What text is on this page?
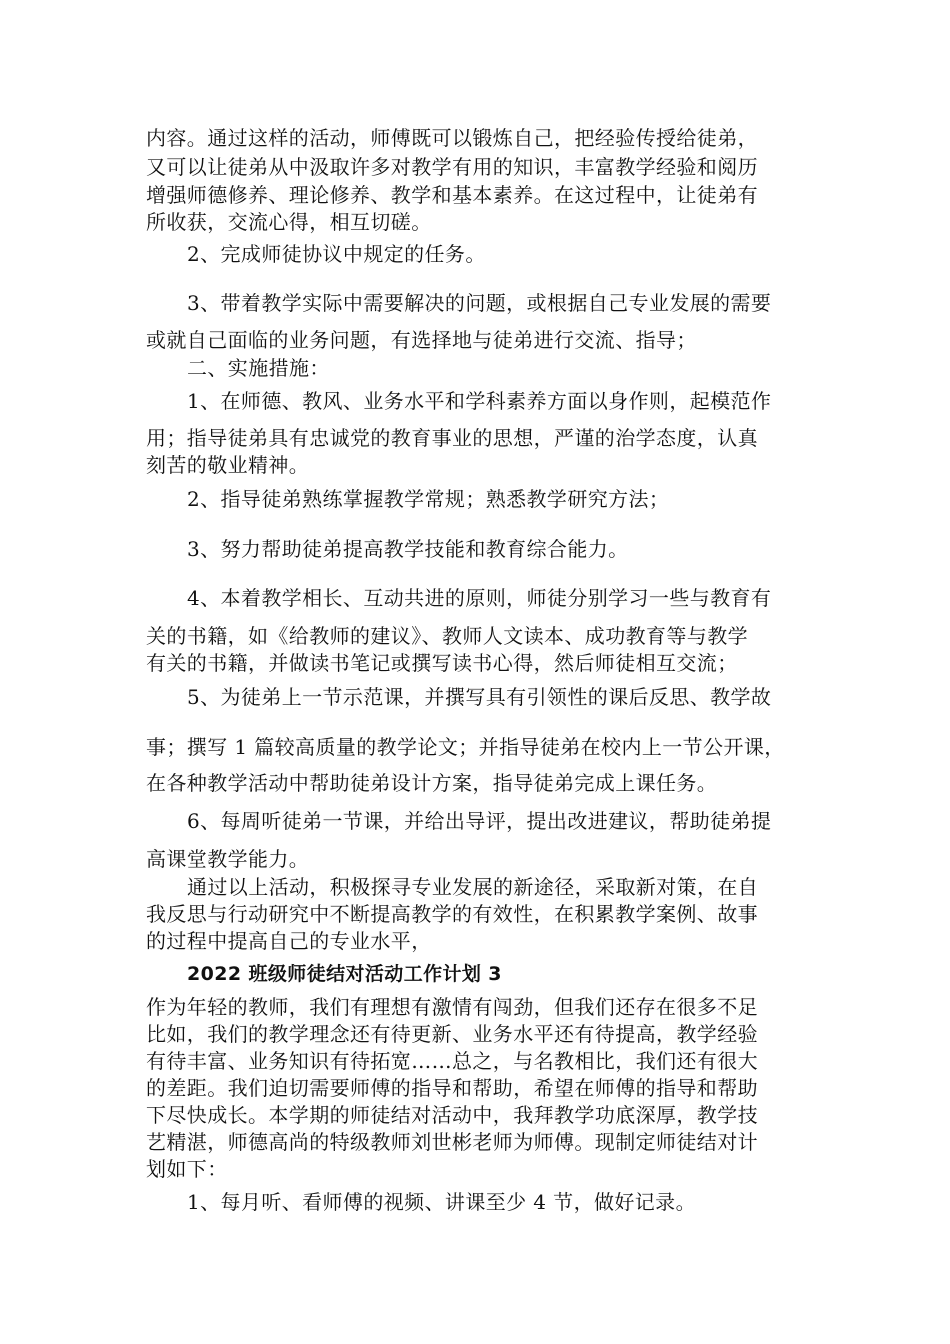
内容。通过这样的活动，师傅既可以锻炼自己，把经验传授给徒弟，
又可以让徒弟从中汲取许多对教学有用的知识，丰富教学经验和阅历
增强师德修养、理论修养、教学和基本素养。在这过程中，让徒弟有
所收获，交流心得，相互切磋。
2、完成师徒协议中规定的任务。
3、带着教学实际中需要解决的问题，或根据自己专业发展的需要
或就自己面临的业务问题，有选择地与徒弟进行交流、指导；
二、实施措施：
1、在师德、教风、业务水平和学科素养方面以身作则，起模范作
用；指导徒弟具有忠诚党的教育事业的思想，严谨的治学态度，认真
刻苦的敬业精神。
2、指导徒弟熟练掌握教学常规；熟悉教学研究方法；
3、努力帮助徒弟提高教学技能和教育综合能力。
4、本着教学相长、互动共进的原则，师徒分别学习一些与教育有
关的书籍，如《给教师的建议》、教师人文读本、成功教育等与教学
有关的书籍，并做读书笔记或撰写读书心得，然后师徒相互交流；
5、为徒弟上一节示范课，并撰写具有引领性的课后反思、教学故
事；撰写 1 篇较高质量的教学论文；并指导徒弟在校内上一节公开课，
在各种教学活动中帮助徒弟设计方案，指导徒弟完成上课任务。
6、每周听徒弟一节课，并给出导评，提出改进建议，帮助徒弟提
高课堂教学能力。
通过以上活动，积极探寻专业发展的新途径，采取新对策，在自
我反思与行动研究中不断提高教学的有效性，在积累教学案例、故事
的过程中提高自己的专业水平，
2022 班级师徒结对活动工作计划 3
作为年轻的教师，我们有理想有激情有闯劲，但我们还存在很多不足
比如，我们的教学理念还有待更新、业务水平还有待提高，教学经验
有待丰富、业务知识有待拓宽……总之，与名教相比，我们还有很大
的差距。我们迫切需要师傅的指导和帮助，希望在师傅的指导和帮助
下尽快成长。本学期的师徒结对活动中，我拜教学功底深厚，教学技
艺精湛，师德高尚的特级教师刘世彬老师为师傅。现制定师徒结对计
划如下：
1、每月听、看师傅的视频、讲课至少 4 节，做好记录。
